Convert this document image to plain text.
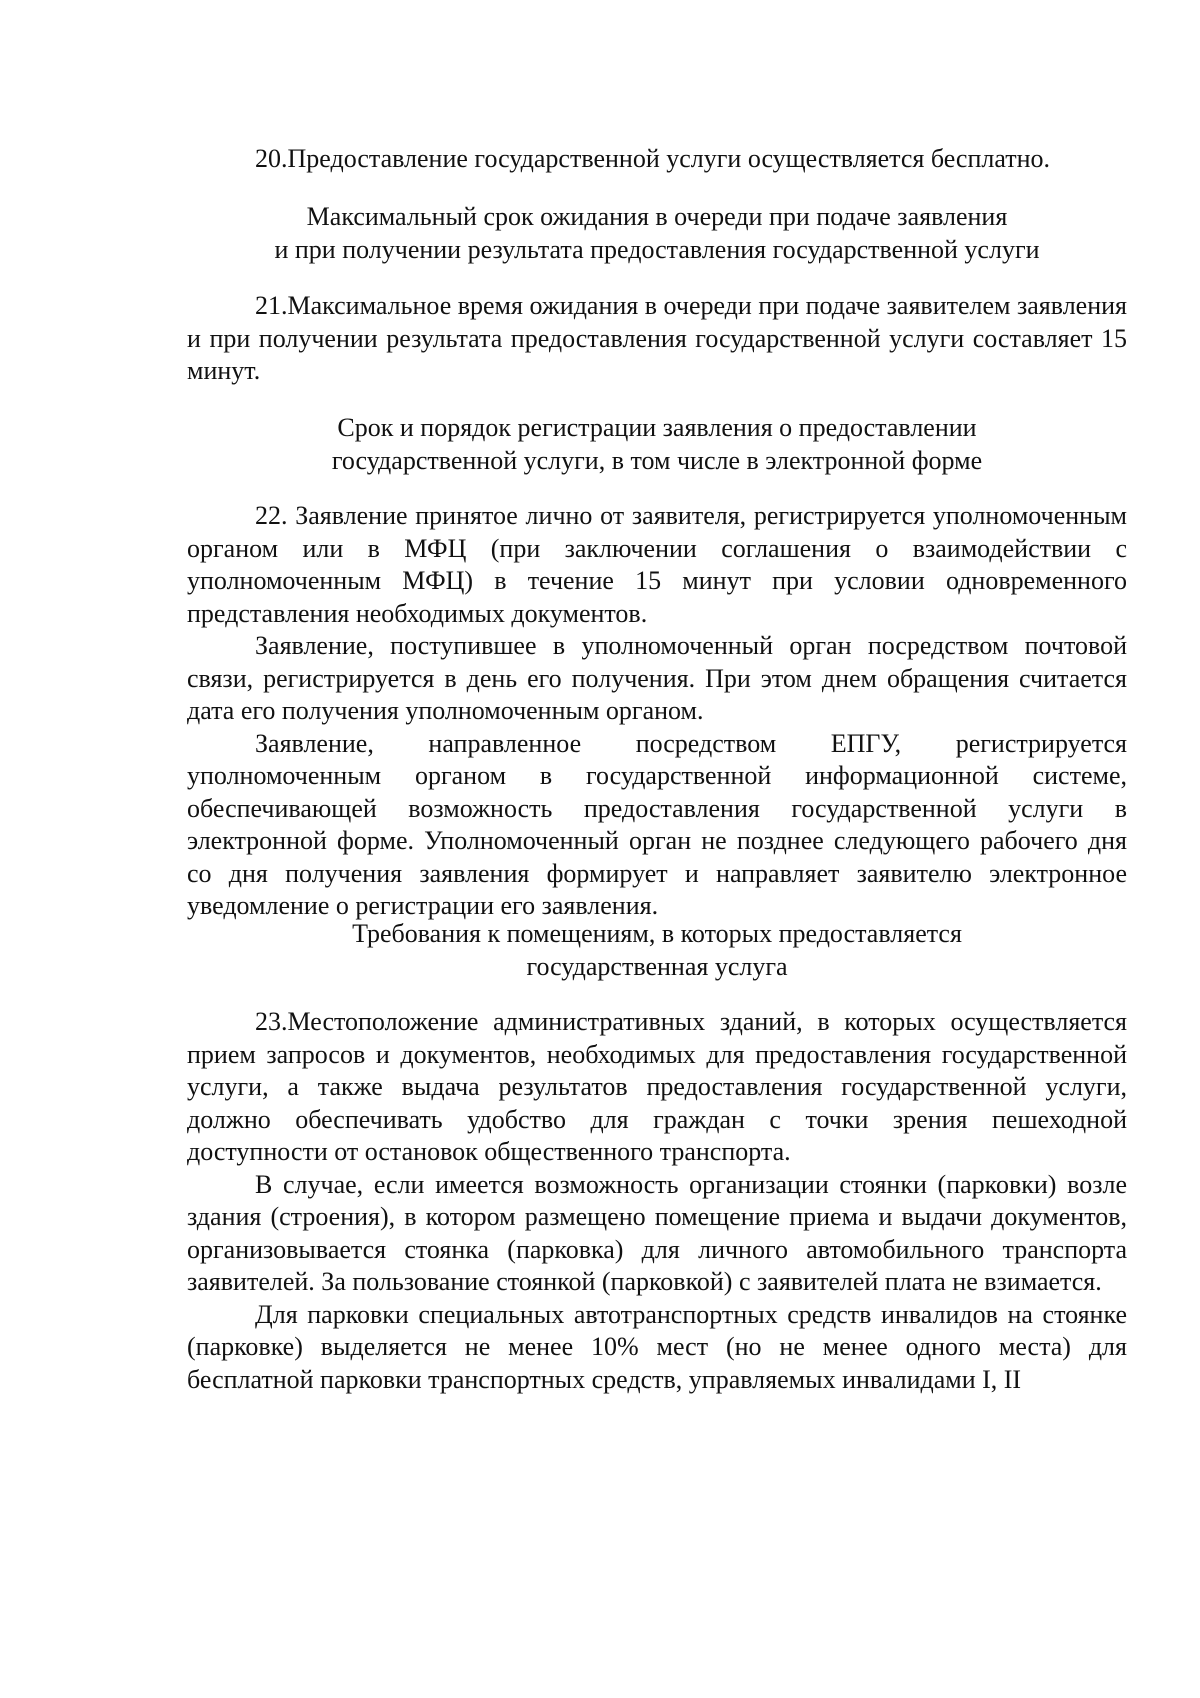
20.Предоставление государственной услуги осуществляется бесплатно.

Максимальный срок ожидания в очереди при подаче заявления
и при получении результата предоставления государственной услуги

21.Максимальное время ожидания в очереди при подаче заявителем заявления и при получении результата предоставления государственной услуги составляет 15 минут.

Срок и порядок регистрации заявления о предоставлении
государственной услуги, в том числе в электронной форме

22. Заявление принятое лично от заявителя, регистрируется уполномоченным органом или в МФЦ (при заключении соглашения о взаимодействии с уполномоченным МФЦ) в течение 15 минут при условии одновременного представления необходимых документов.

Заявление, поступившее в уполномоченный орган посредством почтовой связи, регистрируется в день его получения. При этом днем обращения считается дата его получения уполномоченным органом.

Заявление, направленное посредством ЕПГУ, регистрируется уполномоченным органом в государственной информационной системе, обеспечивающей возможность предоставления государственной услуги в электронной форме. Уполномоченный орган не позднее следующего рабочего дня со дня получения заявления формирует и направляет заявителю электронное уведомление о регистрации его заявления.

Требования к помещениям, в которых предоставляется
государственная услуга

23.Местоположение административных зданий, в которых осуществляется прием запросов и документов, необходимых для предоставления государственной услуги, а также выдача результатов предоставления государственной услуги, должно обеспечивать удобство для граждан с точки зрения пешеходной доступности от остановок общественного транспорта.

В случае, если имеется возможность организации стоянки (парковки) возле здания (строения), в котором размещено помещение приема и выдачи документов, организовывается стоянка (парковка) для личного автомобильного транспорта заявителей. За пользование стоянкой (парковкой) с заявителей плата не взимается.

Для парковки специальных автотранспортных средств инвалидов на стоянке (парковке) выделяется не менее 10% мест (но не менее одного места) для бесплатной парковки транспортных средств, управляемых инвалидами I, II
